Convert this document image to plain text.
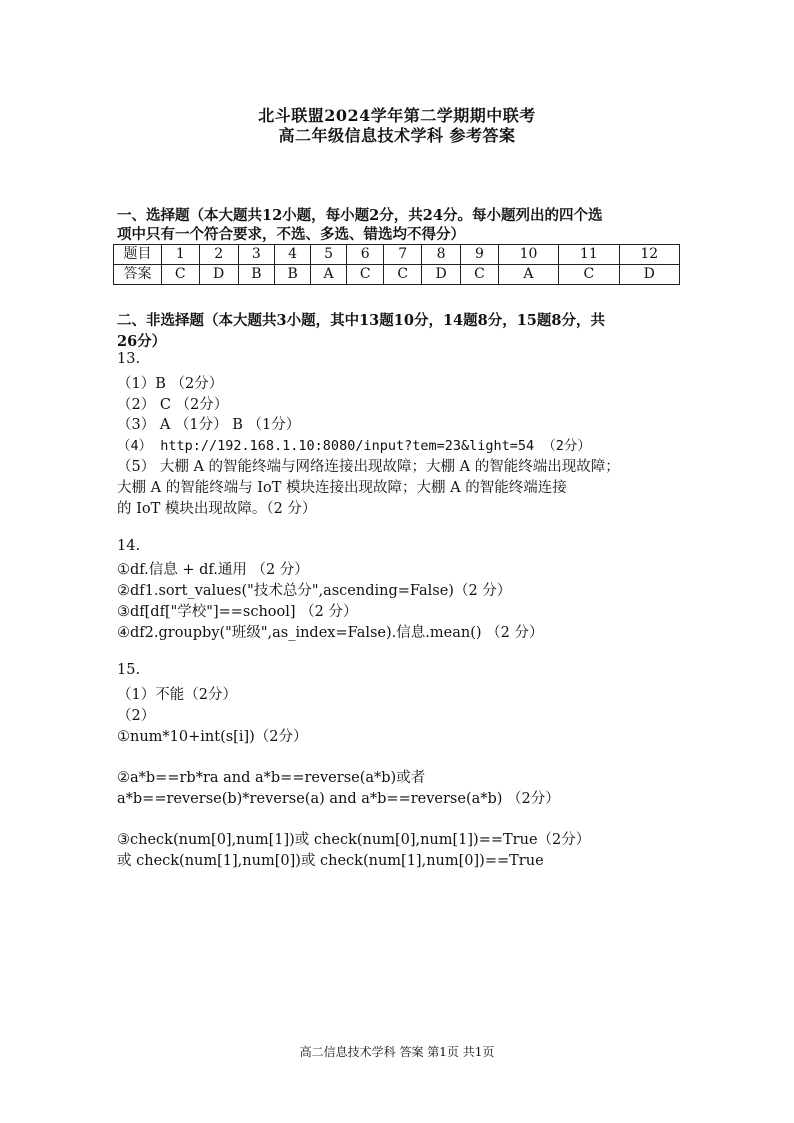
北斗联盟2024学年第二学期期中联考
高二年级信息技术学科 参考答案
一、选择题（本大题共12小题，每小题2分，共24分。每小题列出的四个选
项中只有一个符合要求，不选、多选、错选均不得分）
题目	1	2	3	4	5	6	7	8	9	10	11	12
答案	C	D	B	B	A	C	C	D	C	A	C	D
二、非选择题（本大题共3小题，其中13题10分，14题8分，15题8分，共
26分）
13.
（1）B （2分）
（2） C （2分）
（3） A （1分） B （1分）
（4） http://192.168.1.10:8080/input?tem=23&light=54 （2分）
（5） 大棚 A 的智能终端与网络连接出现故障；大棚 A 的智能终端出现故障；
大棚 A 的智能终端与 IoT 模块连接出现故障；大棚 A 的智能终端连接
的 IoT 模块出现故障。（2 分）
14.
①df.信息 + df.通用 （2 分）
②df1.sort_values("技术总分",ascending=False)（2 分）
③df[df["学校"]==school] （2 分）
④df2.groupby("班级",as_index=False).信息.mean() （2 分）
15.
（1）不能（2分）
（2）
①num*10+int(s[i])（2分）
②a*b==rb*ra and a*b==reverse(a*b)或者
a*b==reverse(b)*reverse(a) and a*b==reverse(a*b) （2分）
③check(num[0],num[1])或 check(num[0],num[1])==True（2分）
或 check(num[1],num[0])或 check(num[1],num[0])==True
高二信息技术学科 答案 第1页 共1页
